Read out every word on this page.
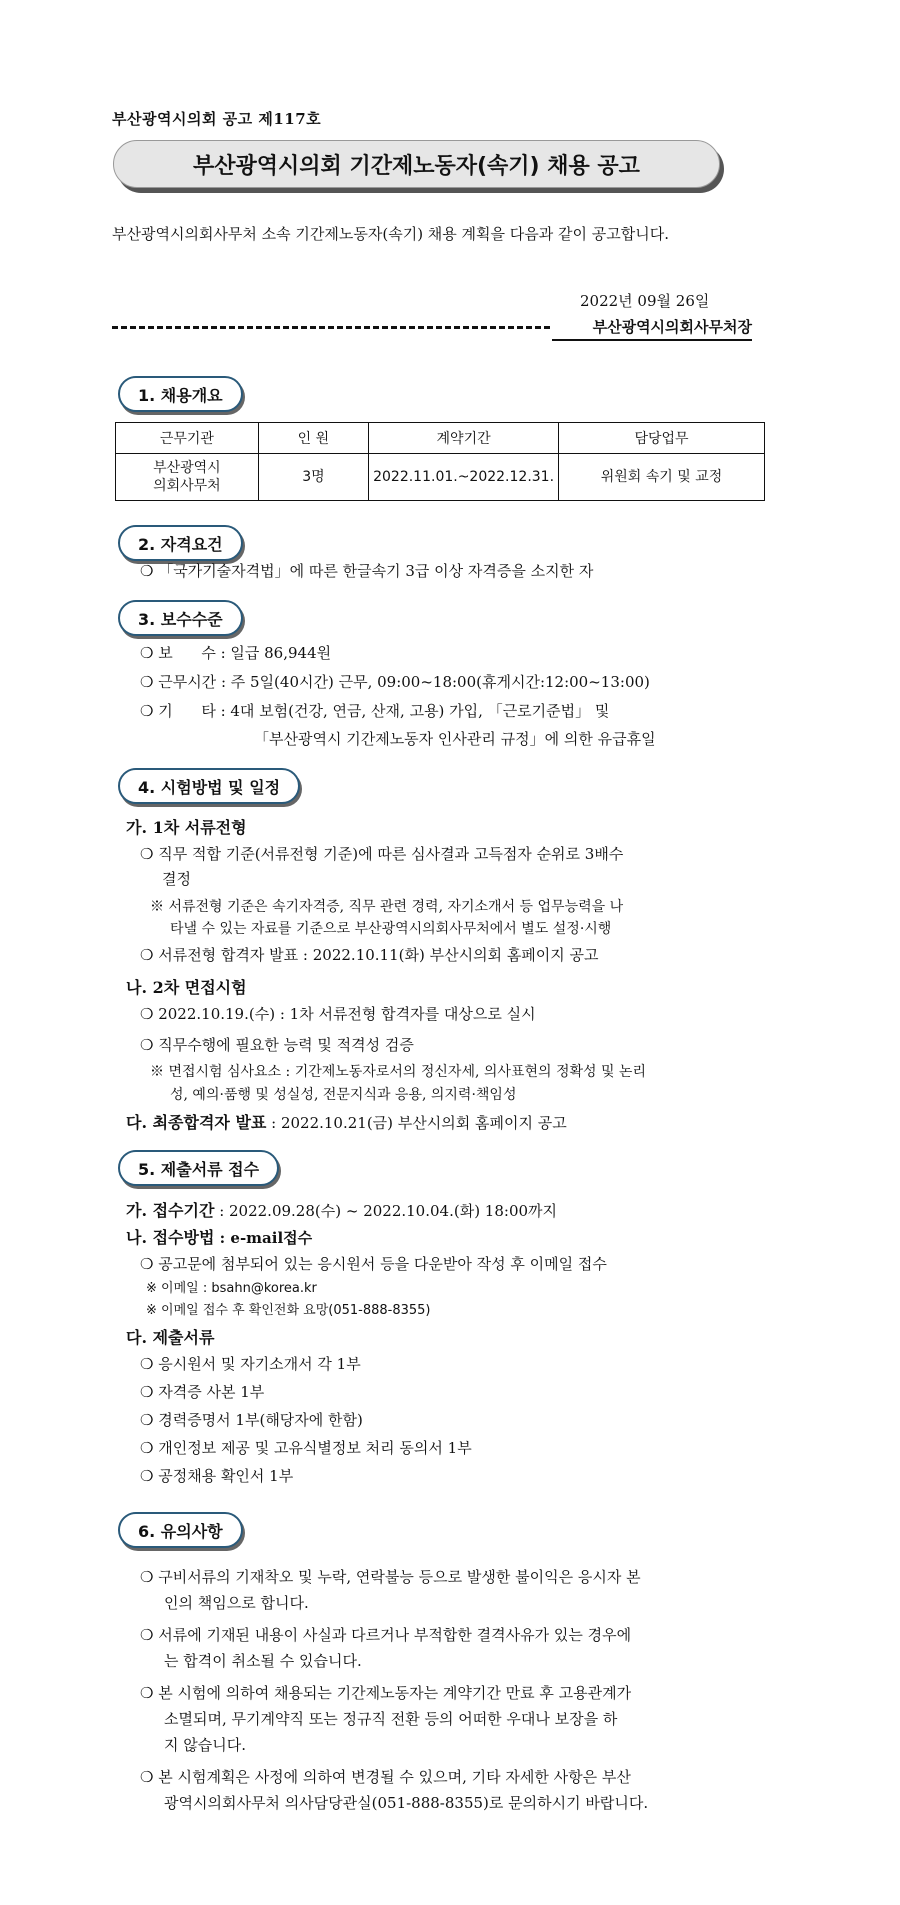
부산광역시의회 공고 제117호
부산광역시의회 기간제노동자(속기) 채용 공고
부산광역시의회사무처 소속 기간제노동자(속기) 채용 계획을 다음과 같이 공고합니다.
2022년 09월 26일
부산광역시의회사무처장
1. 채용개요
근무기관	인 원	계약기간	담당업무
부산광역시
의회사무처	3명	2022.11.01.~2022.12.31.	위원회 속기 및 교정
2. 자격요건
❍ 「국가기술자격법」에 따른 한글속기 3급 이상 자격증을 소지한 자
3. 보수수준
❍ 보      수 : 일급 86,944원
❍ 근무시간 : 주 5일(40시간) 근무, 09:00~18:00(휴게시간:12:00~13:00)
❍ 기      타 : 4대 보험(건강, 연금, 산재, 고용) 가입, 「근로기준법」 및
「부산광역시 기간제노동자 인사관리 규정」에 의한 유급휴일
4. 시험방법 및 일정
가. 1차 서류전형
❍ 직무 적합 기준(서류전형 기준)에 따른 심사결과 고득점자 순위로 3배수
결정
※ 서류전형 기준은 속기자격증, 직무 관련 경력, 자기소개서 등 업무능력을 나
타낼 수 있는 자료를 기준으로 부산광역시의회사무처에서 별도 설정·시행
❍ 서류전형 합격자 발표 : 2022.10.11(화) 부산시의회 홈페이지 공고
나. 2차 면접시험
❍ 2022.10.19.(수) : 1차 서류전형 합격자를 대상으로 실시
❍ 직무수행에 필요한 능력 및 적격성 검증
※ 면접시험 심사요소 : 기간제노동자로서의 정신자세, 의사표현의 정확성 및 논리
성, 예의·품행 및 성실성, 전문지식과 응용, 의지력·책임성
다. 최종합격자 발표 : 2022.10.21(금) 부산시의회 홈페이지 공고
5. 제출서류 접수
가. 접수기간 : 2022.09.28(수) ~ 2022.10.04.(화) 18:00까지
나. 접수방법 : e-mail접수
❍ 공고문에 첨부되어 있는 응시원서 등을 다운받아 작성 후 이메일 접수
※ 이메일 : bsahn@korea.kr
※ 이메일 접수 후 확인전화 요망(051-888-8355)
다. 제출서류
❍ 응시원서 및 자기소개서 각 1부
❍ 자격증 사본 1부
❍ 경력증명서 1부(해당자에 한함)
❍ 개인정보 제공 및 고유식별정보 처리 동의서 1부
❍ 공정채용 확인서 1부
6. 유의사항
❍ 구비서류의 기재착오 및 누락, 연락불능 등으로 발생한 불이익은 응시자 본
인의 책임으로 합니다.
❍ 서류에 기재된 내용이 사실과 다르거나 부적합한 결격사유가 있는 경우에
는 합격이 취소될 수 있습니다.
❍ 본 시험에 의하여 채용되는 기간제노동자는 계약기간 만료 후 고용관계가
소멸되며, 무기계약직 또는 정규직 전환 등의 어떠한 우대나 보장을 하
지 않습니다.
❍ 본 시험계획은 사정에 의하여 변경될 수 있으며, 기타 자세한 사항은 부산
광역시의회사무처 의사담당관실(051-888-8355)로 문의하시기 바랍니다.
